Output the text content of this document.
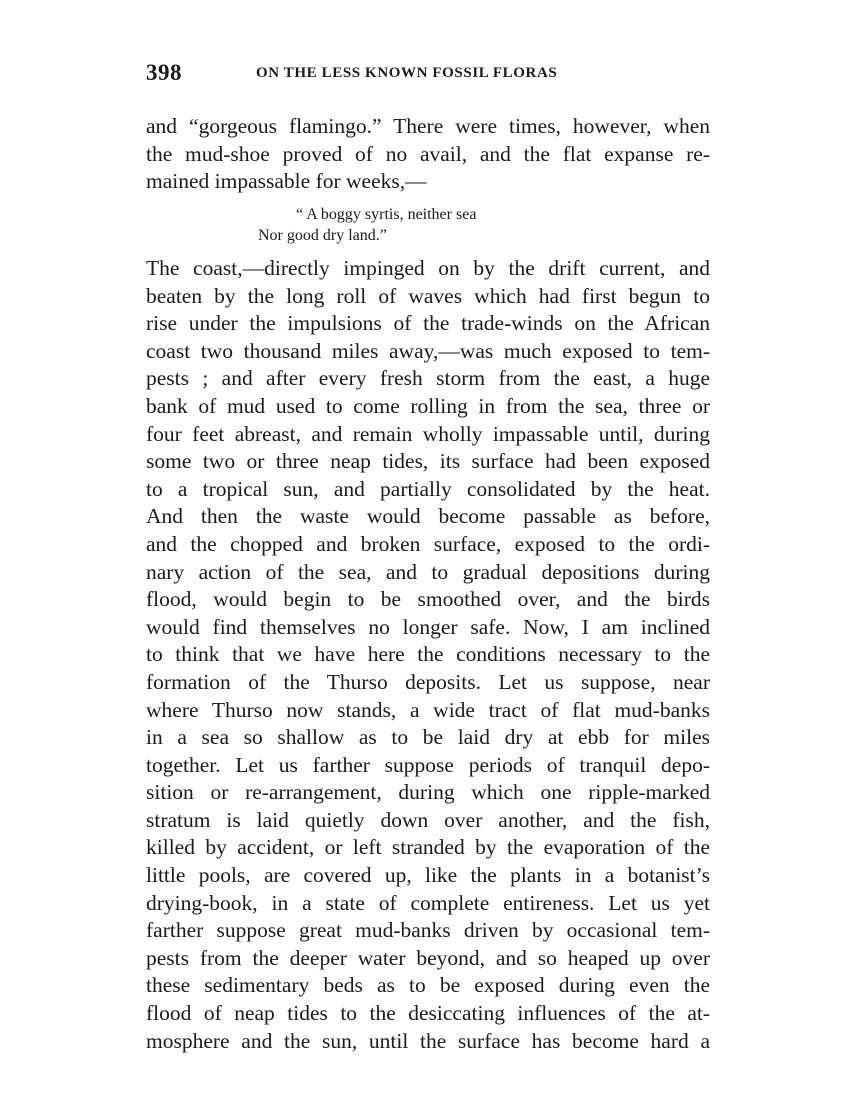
398	ON THE LESS KNOWN FOSSIL FLORAS
and “gorgeous flamingo.” There were times, however, when
the mud-shoe proved of no avail, and the flat expanse re-
mained impassable for weeks,—
“ A boggy syrtis, neither sea
Nor good dry land.”
The coast,—directly impinged on by the drift current, and
beaten by the long roll of waves which had first begun to
rise under the impulsions of the trade-winds on the African
coast two thousand miles away,—was much exposed to tem-
pests ; and after every fresh storm from the east, a huge
bank of mud used to come rolling in from the sea, three or
four feet abreast, and remain wholly impassable until, during
some two or three neap tides, its surface had been exposed
to a tropical sun, and partially consolidated by the heat.
And then the waste would become passable as before,
and the chopped and broken surface, exposed to the ordi-
nary action of the sea, and to gradual depositions during
flood, would begin to be smoothed over, and the birds
would find themselves no longer safe. Now, I am inclined
to think that we have here the conditions necessary to the
formation of the Thurso deposits. Let us suppose, near
where Thurso now stands, a wide tract of flat mud-banks
in a sea so shallow as to be laid dry at ebb for miles
together. Let us farther suppose periods of tranquil depo-
sition or re-arrangement, during which one ripple-marked
stratum is laid quietly down over another, and the fish,
killed by accident, or left stranded by the evaporation of the
little pools, are covered up, like the plants in a botanist’s
drying-book, in a state of complete entireness. Let us yet
farther suppose great mud-banks driven by occasional tem-
pests from the deeper water beyond, and so heaped up over
these sedimentary beds as to be exposed during even the
flood of neap tides to the desiccating influences of the at-
mosphere and the sun, until the surface has become hard a
